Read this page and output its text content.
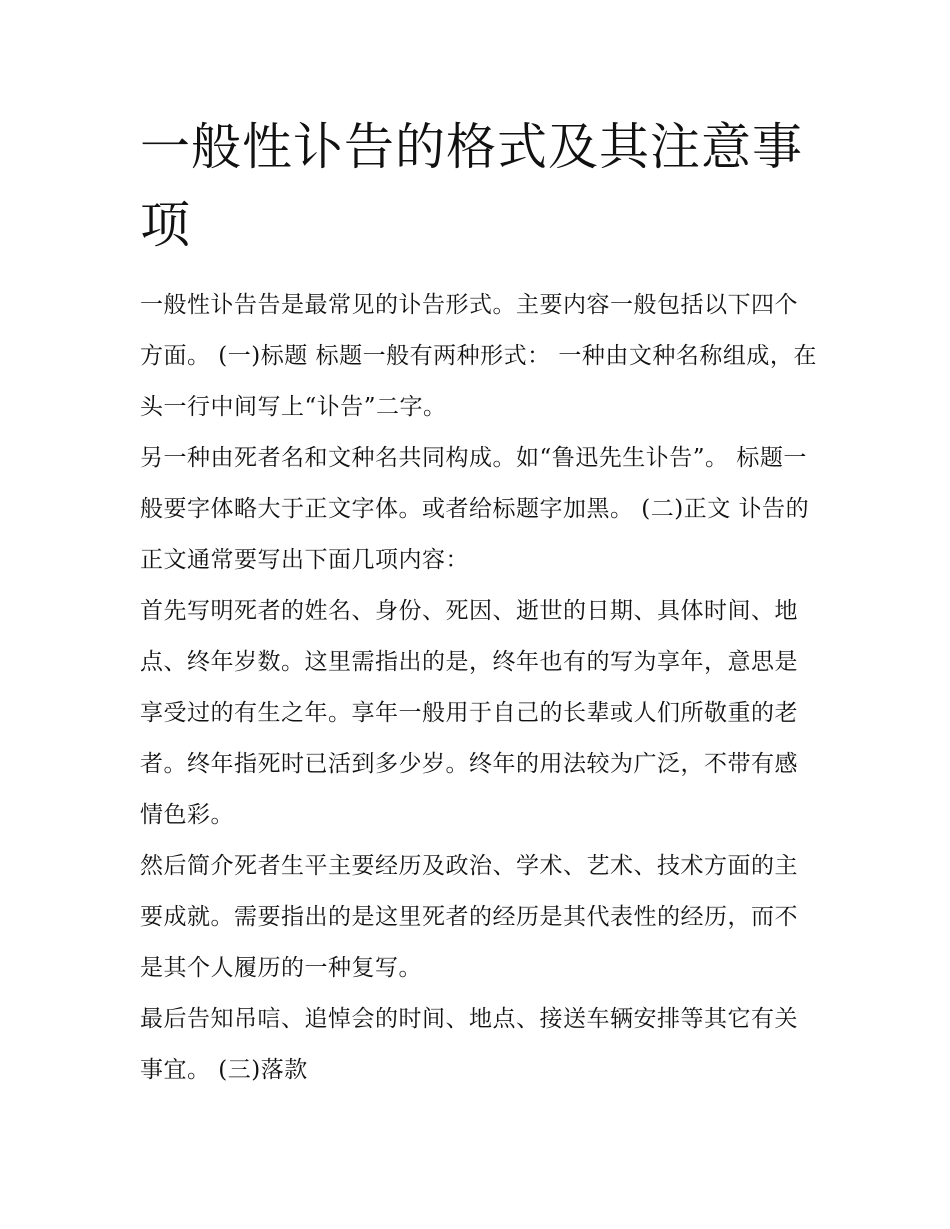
一般性讣告的格式及其注意事项

一般性讣告告是最常见的讣告形式。主要内容一般包括以下四个方面。 (一)标题 标题一般有两种形式： 一种由文种名称组成，在头一行中间写上“讣告”二字。

另一种由死者名和文种名共同构成。如“鲁迅先生讣告”。 标题一般要字体略大于正文字体。或者给标题字加黑。 (二)正文 讣告的正文通常要写出下面几项内容：

首先写明死者的姓名、身份、死因、逝世的日期、具体时间、地点、终年岁数。这里需指出的是，终年也有的写为享年，意思是享受过的有生之年。享年一般用于自己的长辈或人们所敬重的老者。终年指死时已活到多少岁。终年的用法较为广泛，不带有感情色彩。

然后简介死者生平主要经历及政治、学术、艺术、技术方面的主要成就。需要指出的是这里死者的经历是其代表性的经历，而不是其个人履历的一种复写。

最后告知吊唁、追悼会的时间、地点、接送车辆安排等其它有关事宜。 (三)落款
